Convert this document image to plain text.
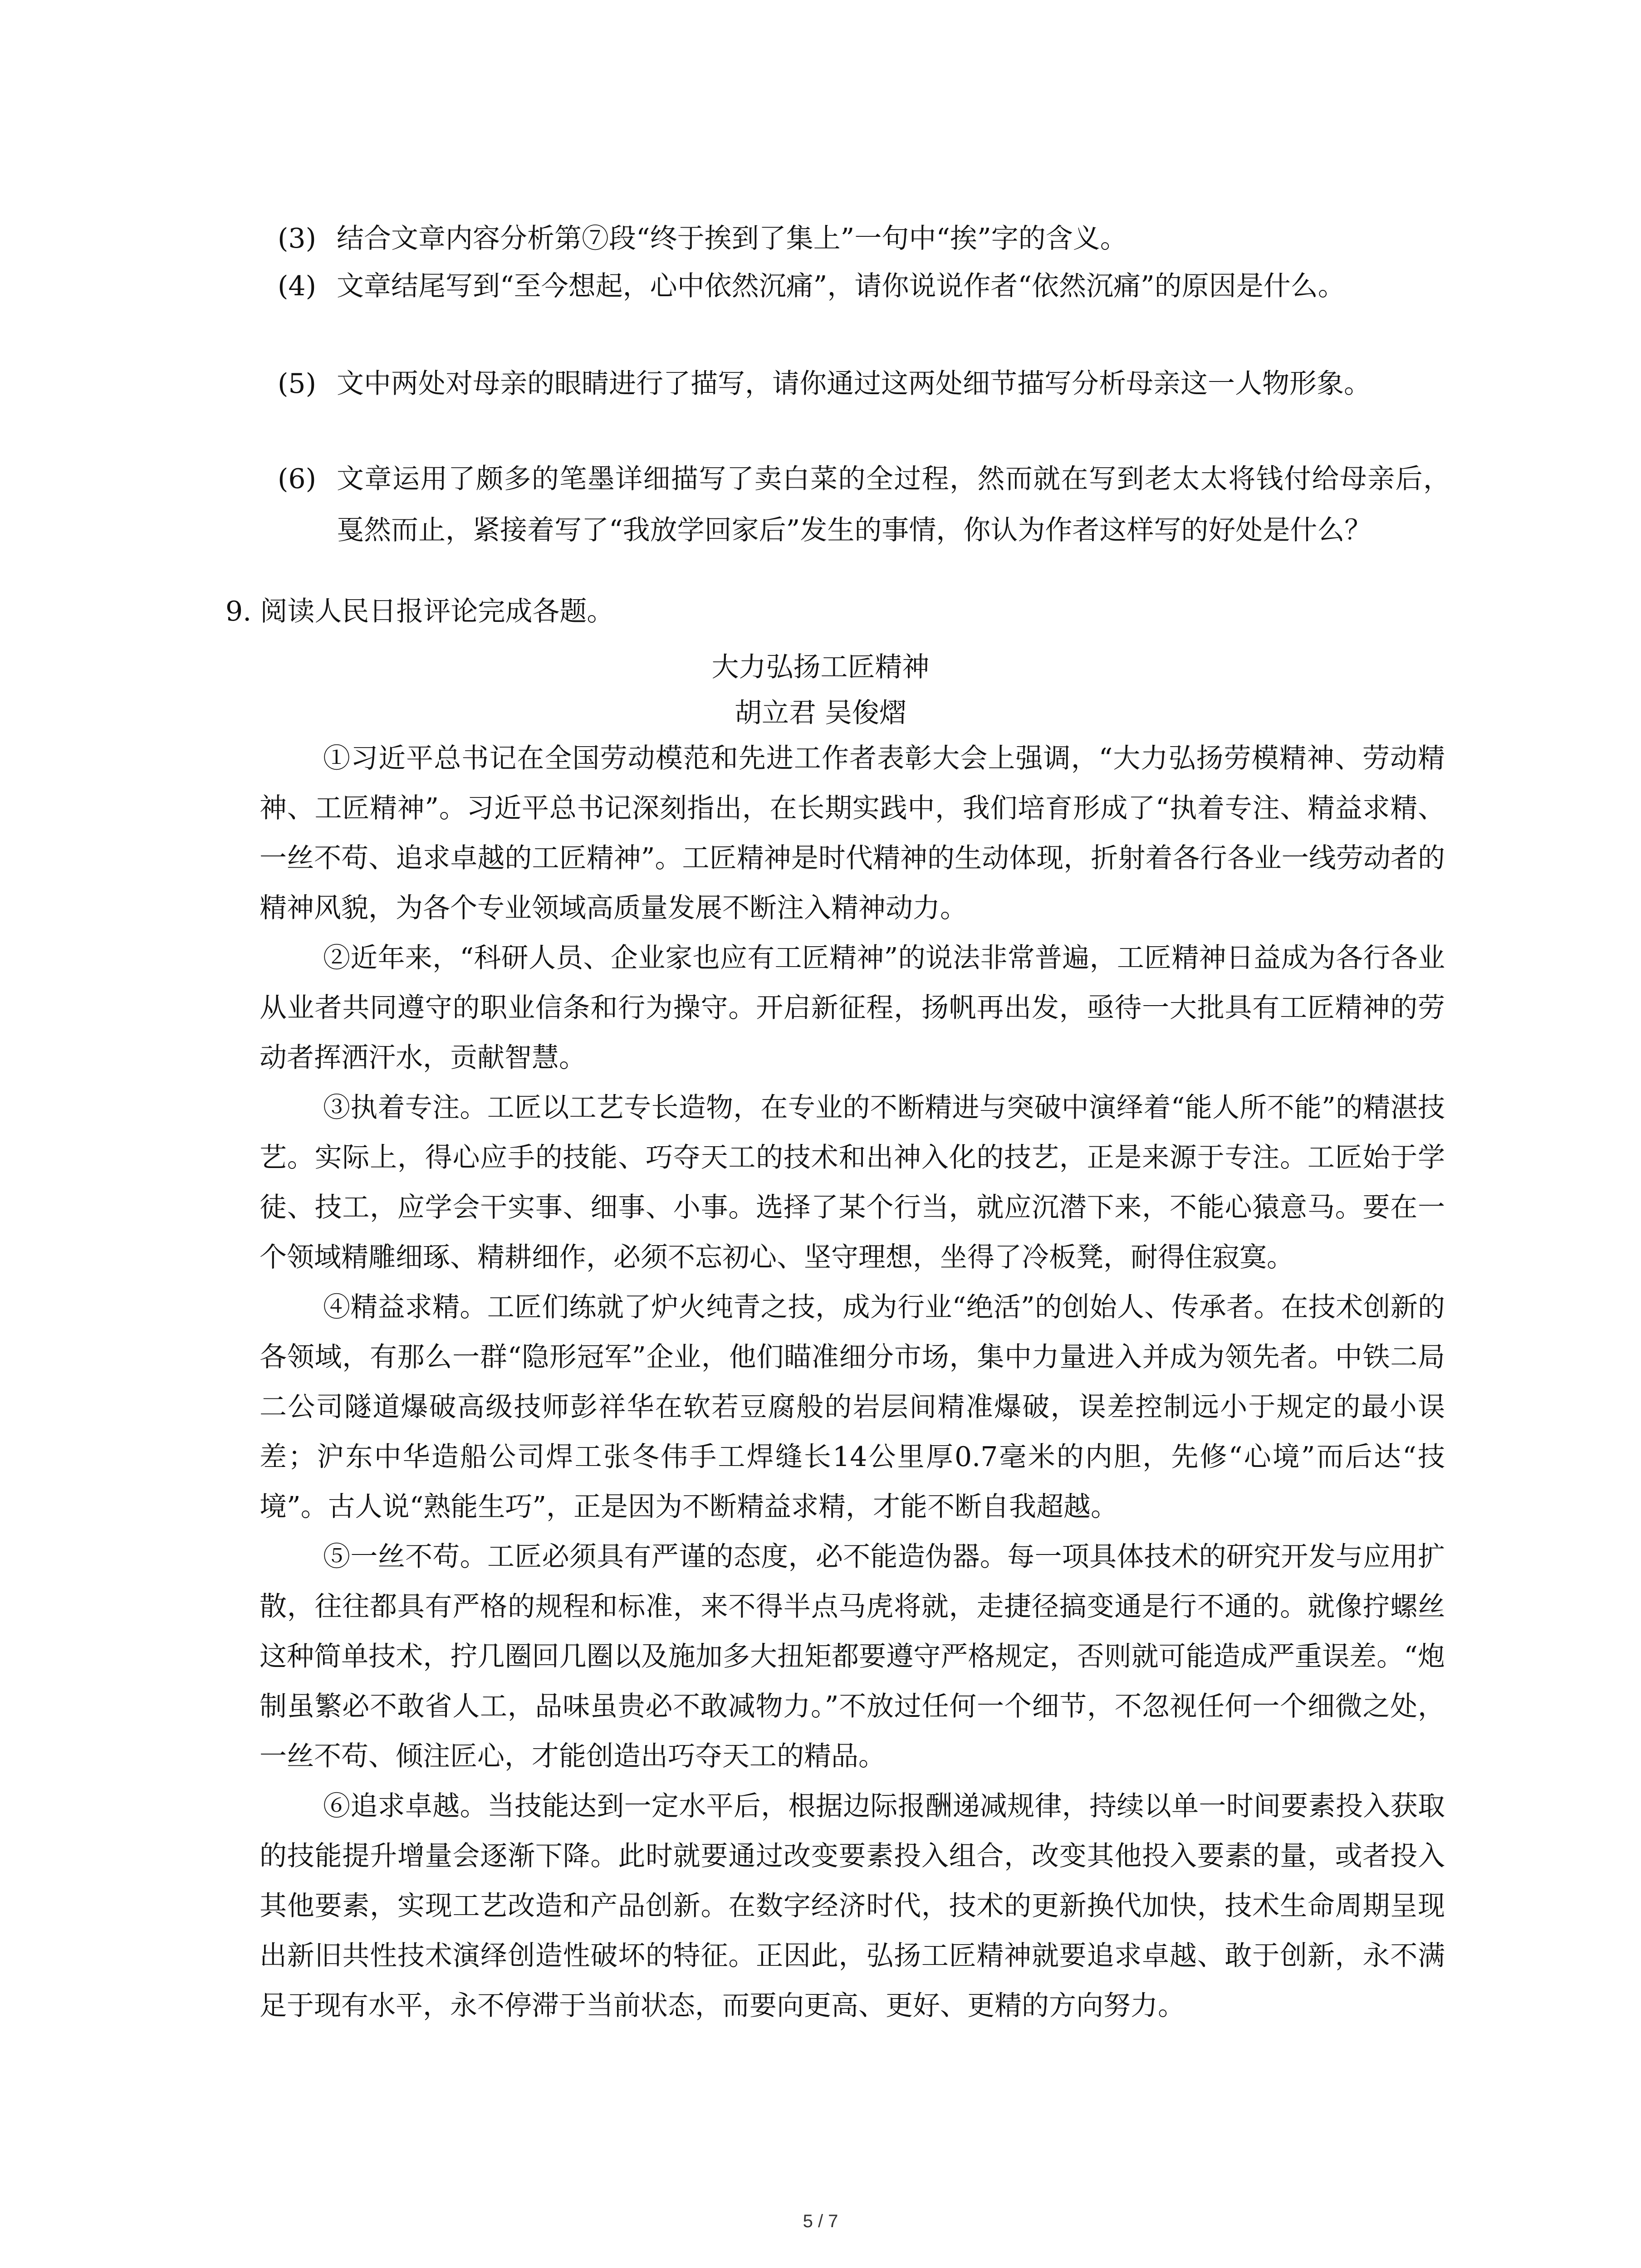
(3) 结合文章内容分析第⑦段“终于挨到了集上”一句中“挨”字的含义。
(4) 文章结尾写到“至今想起，心中依然沉痛”，请你说说作者“依然沉痛”的原因是什么。
(5) 文中两处对母亲的眼睛进行了描写，请你通过这两处细节描写分析母亲这一人物形象。
(6) 文章运用了颇多的笔墨详细描写了卖白菜的全过程，然而就在写到老太太将钱付给母亲后，戛然而止，紧接着写了“我放学回家后”发生的事情，你认为作者这样写的好处是什么？
9. 阅读人民日报评论完成各题。
大力弘扬工匠精神
胡立君 吴俊熠

①习近平总书记在全国劳动模范和先进工作者表彰大会上强调，“大力弘扬劳模精神、劳动精神、工匠精神”。习近平总书记深刻指出，在长期实践中，我们培育形成了“执着专注、精益求精、一丝不苟、追求卓越的工匠精神”。工匠精神是时代精神的生动体现，折射着各行各业一线劳动者的精神风貌，为各个专业领域高质量发展不断注入精神动力。

②近年来，“科研人员、企业家也应有工匠精神”的说法非常普遍，工匠精神日益成为各行各业从业者共同遵守的职业信条和行为操守。开启新征程，扬帆再出发，亟待一大批具有工匠精神的劳动者挥洒汗水，贡献智慧。

③执着专注。工匠以工艺专长造物，在专业的不断精进与突破中演绎着“能人所不能”的精湛技艺。实际上，得心应手的技能、巧夺天工的技术和出神入化的技艺，正是来源于专注。工匠始于学徒、技工，应学会干实事、细事、小事。选择了某个行当，就应沉潜下来，不能心猿意马。要在一个领域精雕细琢、精耕细作，必须不忘初心、坚守理想，坐得了冷板凳，耐得住寂寞。

④精益求精。工匠们练就了炉火纯青之技，成为行业“绝活”的创始人、传承者。在技术创新的各领域，有那么一群“隐形冠军”企业，他们瞄准细分市场，集中力量进入并成为领先者。中铁二局二公司隧道爆破高级技师彭祥华在软若豆腐般的岩层间精准爆破，误差控制远小于规定的最小误差；沪东中华造船公司焊工张冬伟手工焊缝长14公里厚0.7毫米的内胆，先修“心境”而后达“技境”。古人说“熟能生巧”，正是因为不断精益求精，才能不断自我超越。

⑤一丝不苟。工匠必须具有严谨的态度，必不能造伪器。每一项具体技术的研究开发与应用扩散，往往都具有严格的规程和标准，来不得半点马虎将就，走捷径搞变通是行不通的。就像拧螺丝这种简单技术，拧几圈回几圈以及施加多大扭矩都要遵守严格规定，否则就可能造成严重误差。“炮制虽繁必不敢省人工，品味虽贵必不敢减物力。”不放过任何一个细节，不忽视任何一个细微之处，一丝不苟、倾注匠心，才能创造出巧夺天工的精品。

⑥追求卓越。当技能达到一定水平后，根据边际报酬递减规律，持续以单一时间要素投入获取的技能提升增量会逐渐下降。此时就要通过改变要素投入组合，改变其他投入要素的量，或者投入其他要素，实现工艺改造和产品创新。在数字经济时代，技术的更新换代加快，技术生命周期呈现出新旧共性技术演绎创造性破坏的特征。正因此，弘扬工匠精神就要追求卓越、敢于创新，永不满足于现有水平，永不停滞于当前状态，而要向更高、更好、更精的方向努力。

5 / 7
